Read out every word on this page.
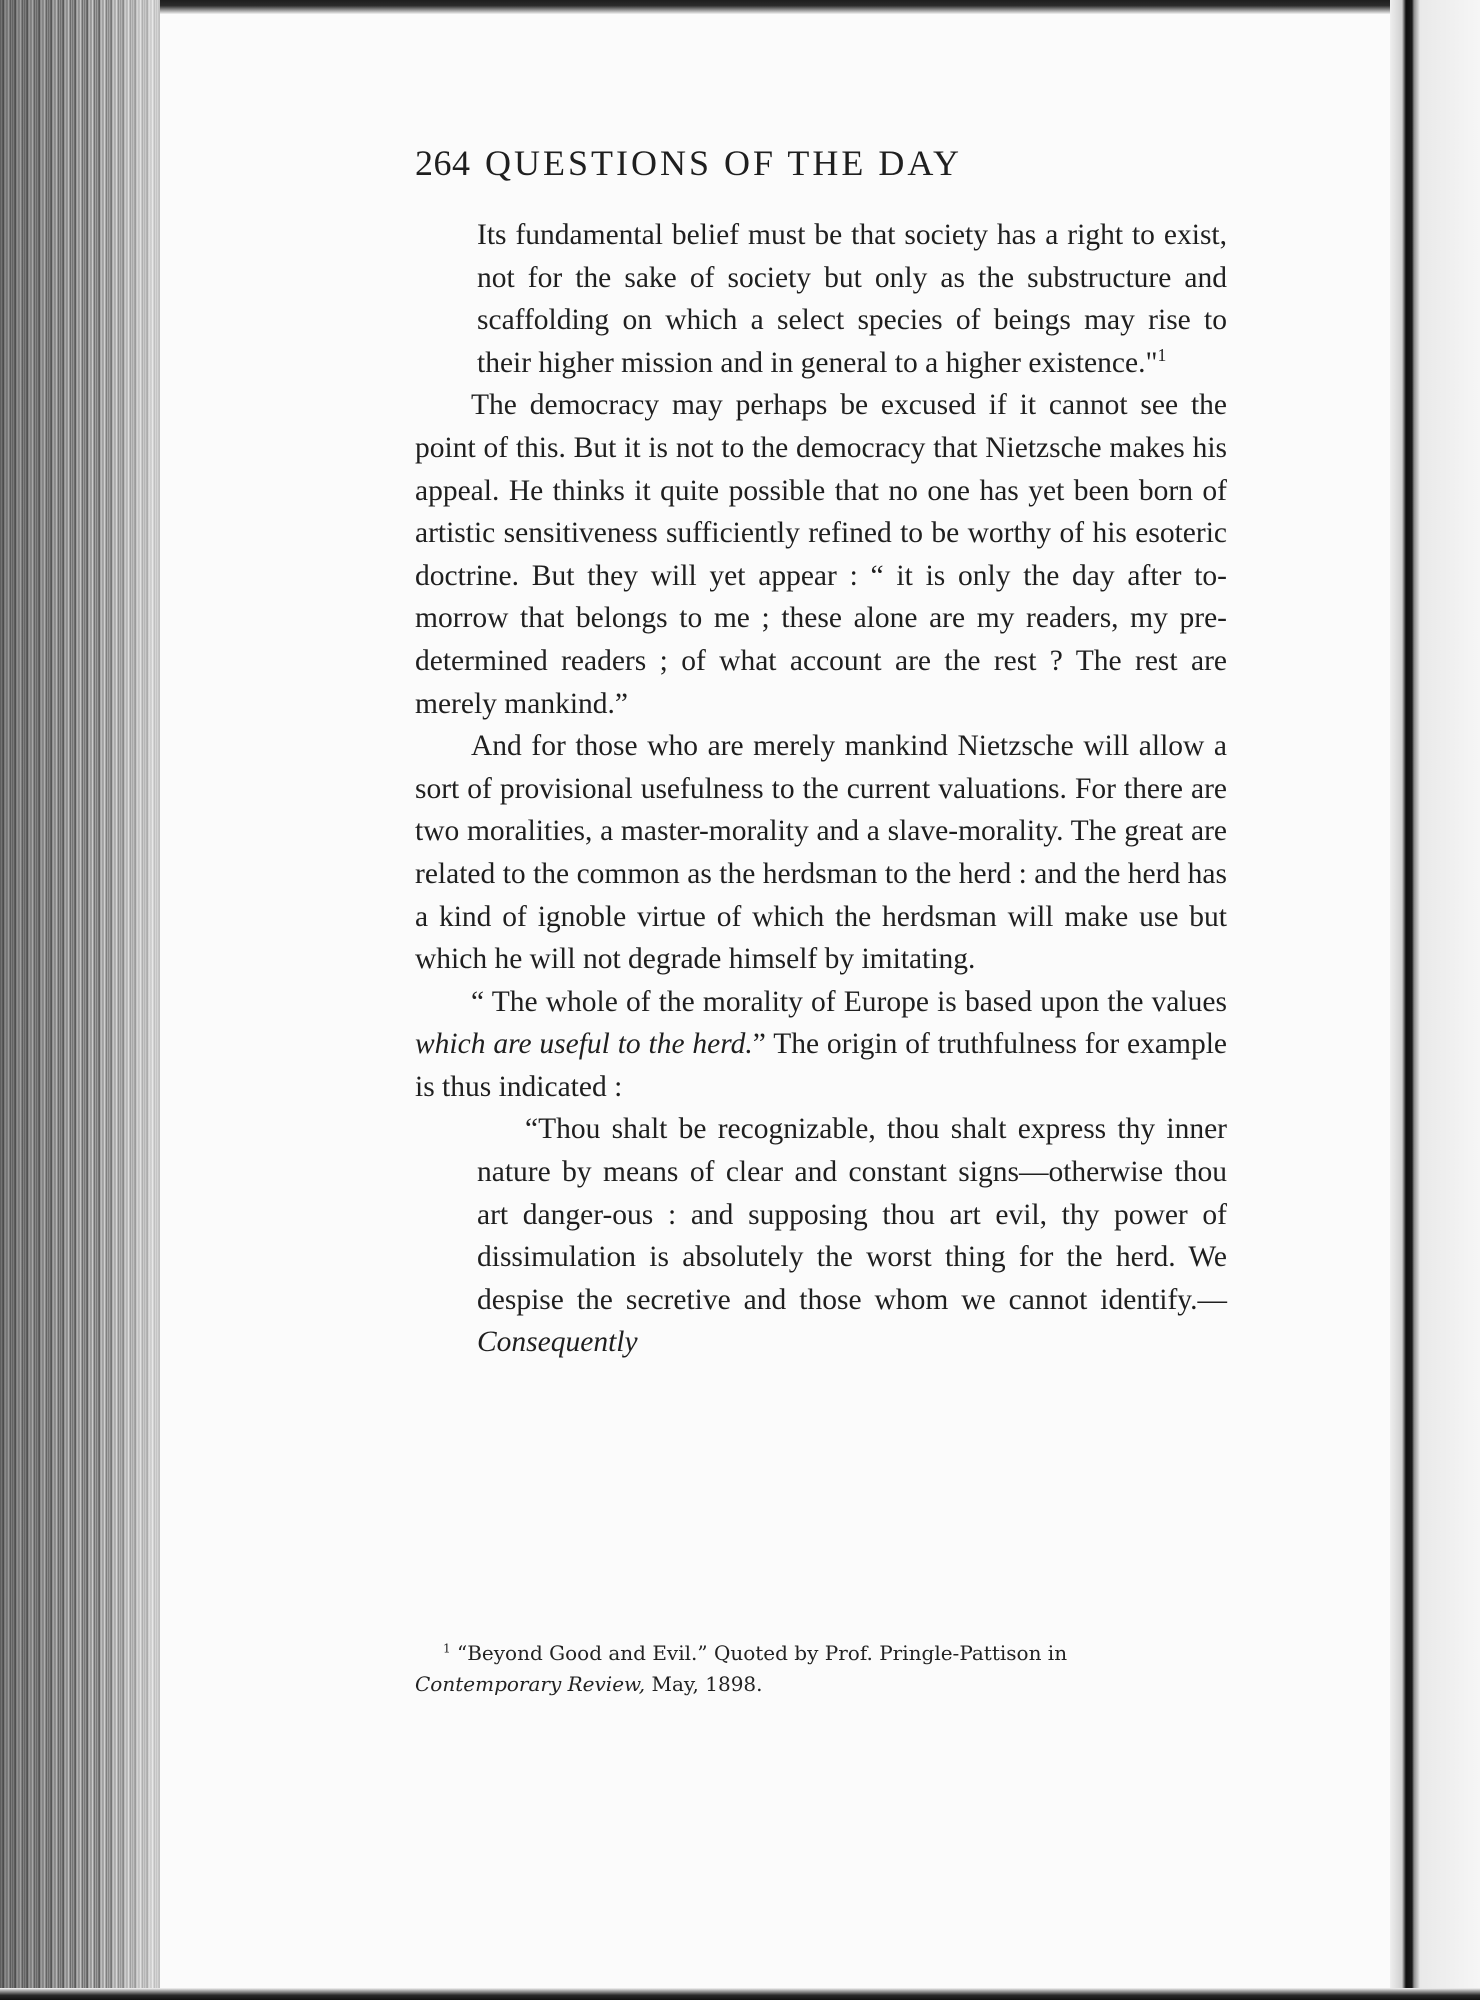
264 QUESTIONS OF THE DAY

Its fundamental belief must be that society has a right to exist, not for the sake of society but only as the substructure and scaffolding on which a select species of beings may rise to their higher mission and in general to a higher existence."$^1$

The democracy may perhaps be excused if it cannot see the point of this. But it is not to the democracy that Nietzsche makes his appeal. He thinks it quite possible that no one has yet been born of artistic sensitiveness sufficiently refined to be worthy of his esoteric doctrine. But they will yet appear : “ it is only the day after to-morrow that belongs to me ; these alone are my readers, my pre-determined readers ; of what account are the rest ? The rest are merely mankind.”

And for those who are merely mankind Nietzsche will allow a sort of provisional usefulness to the current valuations. For there are two moralities, a master-morality and a slave-morality. The great are related to the common as the herdsman to the herd : and the herd has a kind of ignoble virtue of which the herdsman will make use but which he will not degrade himself by imitating.

“ The whole of the morality of Europe is based upon the values which are useful to the herd.” The origin of truthfulness for example is thus indicated :

“Thou shalt be recognizable, thou shalt express thy inner nature by means of clear and constant signs—otherwise thou art danger-ous : and supposing thou art evil, thy power of dissimulation is absolutely the worst thing for the herd. We despise the secretive and those whom we cannot identify.—Consequently

$^1$ “Beyond Good and Evil.” Quoted by Prof. Pringle-Pattison in
Contemporary Review, May, 1898.
